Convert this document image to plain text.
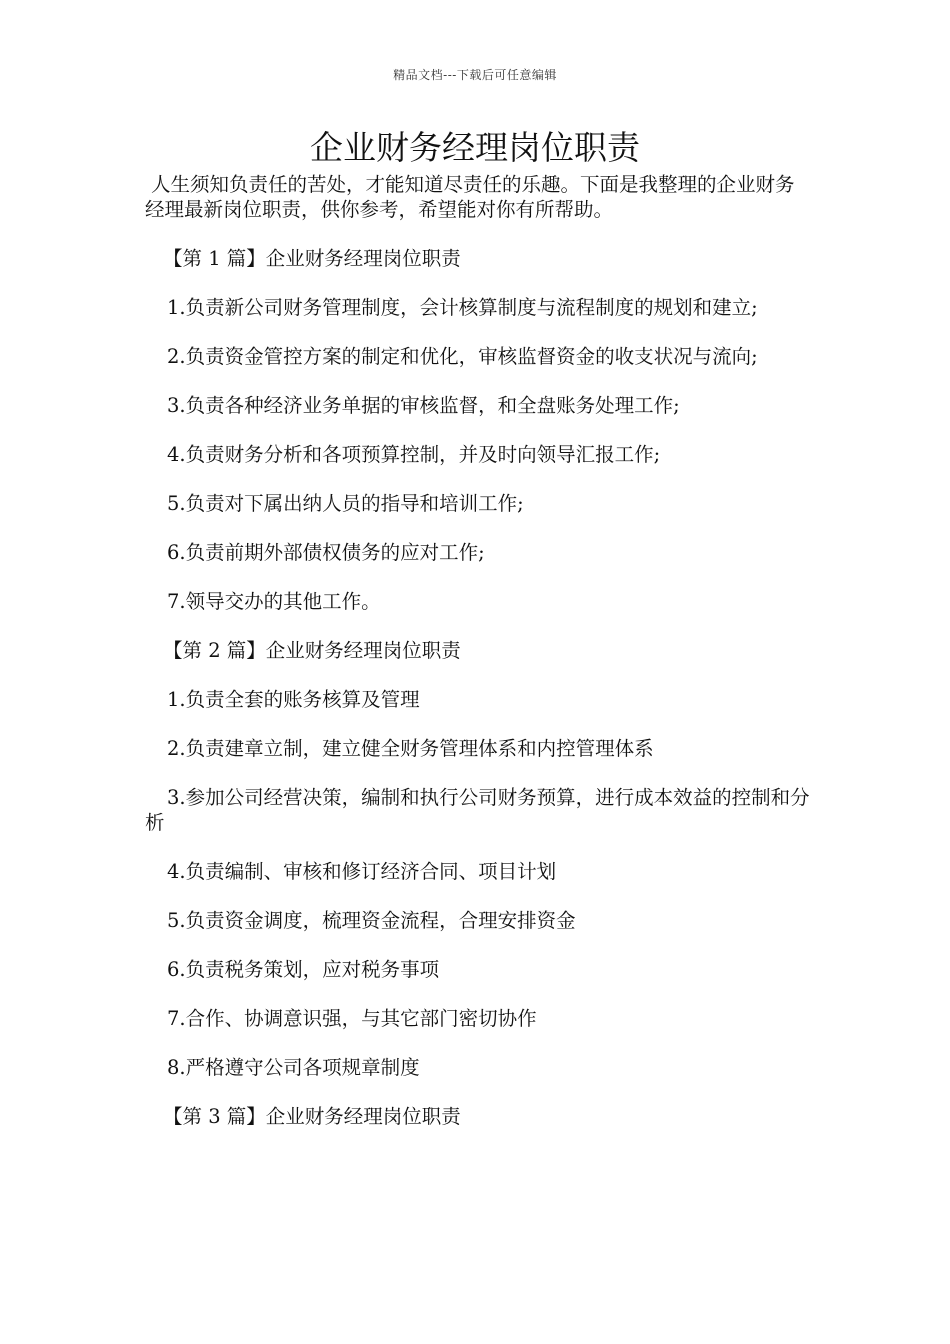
精品文档---下载后可任意编辑
企业财务经理岗位职责

人生须知负责任的苦处，才能知道尽责任的乐趣。下面是我整理的企业财务经理最新岗位职责，供你参考，希望能对你有所帮助。

【第 1 篇】企业财务经理岗位职责

1.负责新公司财务管理制度，会计核算制度与流程制度的规划和建立;

2.负责资金管控方案的制定和优化，审核监督资金的收支状况与流向;

3.负责各种经济业务单据的审核监督，和全盘账务处理工作;

4.负责财务分析和各项预算控制，并及时向领导汇报工作;

5.负责对下属出纳人员的指导和培训工作;

6.负责前期外部债权债务的应对工作;

7.领导交办的其他工作。

【第 2 篇】企业财务经理岗位职责

1.负责全套的账务核算及管理

2.负责建章立制，建立健全财务管理体系和内控管理体系

3.参加公司经营决策，编制和执行公司财务预算，进行成本效益的控制和分析

4.负责编制、审核和修订经济合同、项目计划

5.负责资金调度，梳理资金流程，合理安排资金

6.负责税务策划，应对税务事项

7.合作、协调意识强，与其它部门密切协作

8.严格遵守公司各项规章制度

【第 3 篇】企业财务经理岗位职责
